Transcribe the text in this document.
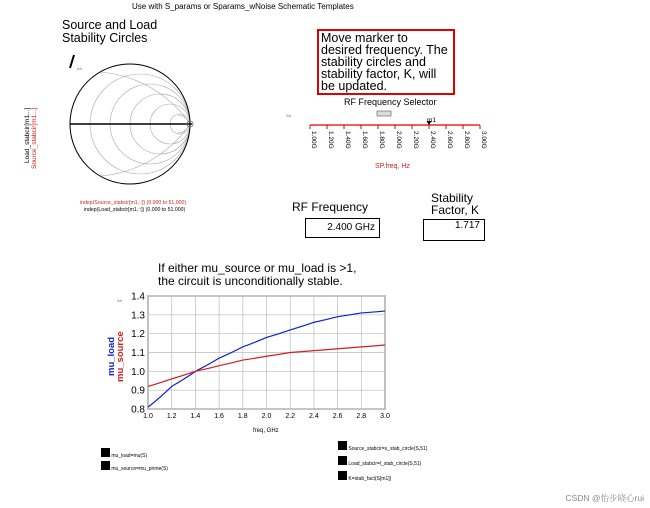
Use with S_params or Sparams_wNoise Schematic Templates
Source and Load
Stability Circles
Ati
Load_stabcir[m1...] Source_stabcir[m1...]
indep(Source_stabcir[m1,::]) (0.000 to 51.000)
indep(Load_stabcir[m1,::]) (0.000 to 51.000)
Move marker to desired frequency. The stability circles and stability factor, K, will be updated.
RF Frequency Selector
Att
1.00G 1.20G 1.40G 1.60G 1.80G 2.00G 2.20G 2.40G 2.60G 2.80G 3.00G
m1
SP.freq, Hz
RF Frequency
2.400 GHz
Stability
Factor, K
1.717
If either mu_source or mu_load is >1,
the circuit is unconditionally stable.
Att
1.0 1.2 1.4 1.6 1.8 2.0 2.2 2.4 2.6 2.8 3.0
0.8
0.9
1.0
1.1
1.2
1.3
1.4
mu_load
mu_source
freq, GHz
mu_load=mu(S)
mu_source=mu_prime(S)
Source_stabcir=s_stab_circle(S,51)
Load_stabcir=l_stab_circle(S,51)
K=stab_fact(S[m1])
CSDN @怡步晓心rui
